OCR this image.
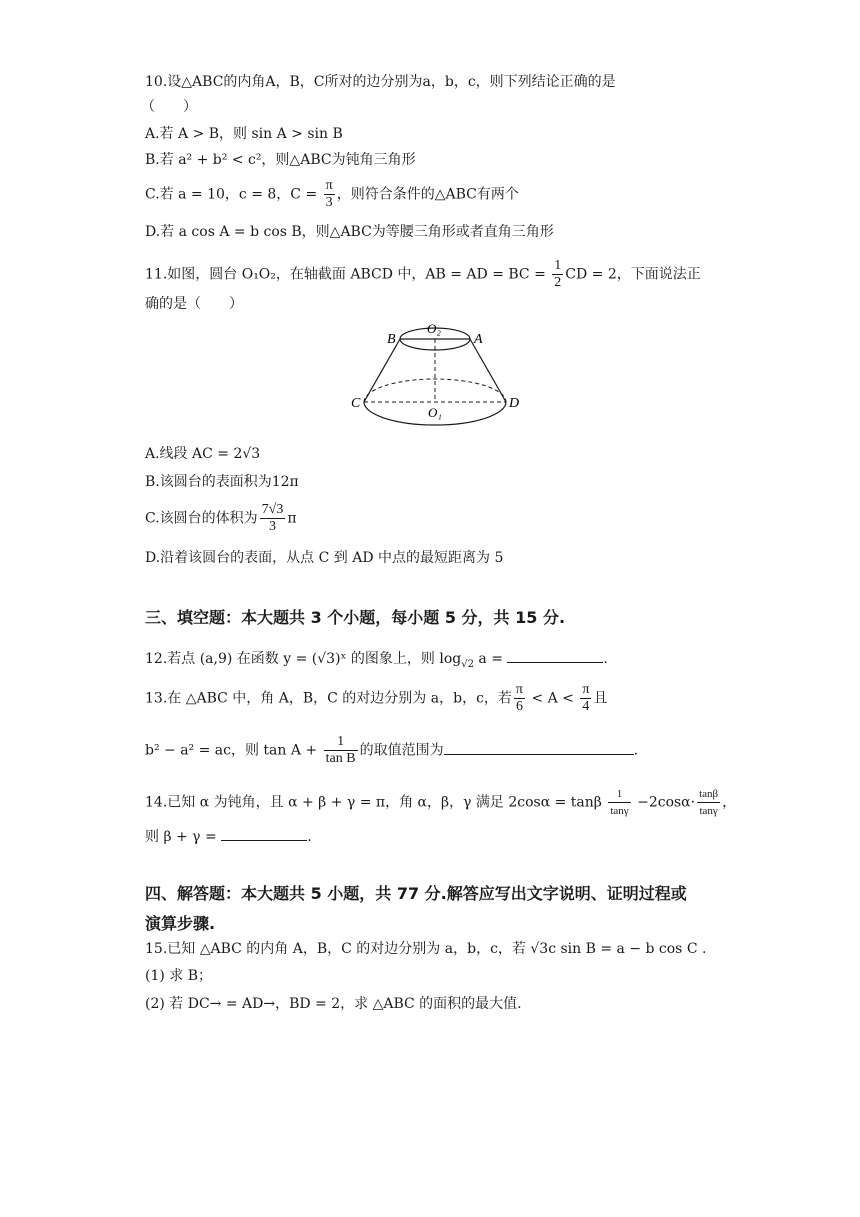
10.设△ABC的内角A，B，C所对的边分别为a，b，c，则下列结论正确的是
（　　）
A.若 A > B，则 sin A > sin B
B.若 a² + b² < c²，则△ABC为钝角三角形
C.若 a = 10，c = 8，$C = \frac{\pi}{3}$ ，则符合条件的△ABC有两个
D.若 a cos A = b cos B，则△ABC为等腰三角形或者直角三角形
11.如图，圆台 O₁O₂，在轴截面 ABCD 中，AB = AD = BC = $\frac{1}{2}$ CD = 2，下面说法正
确的是（　　）
B
O₂
A
C
O₁
D
A.线段 AC = 2√3
B.该圆台的表面积为12π
C.该圆台的体积为 $\frac{7√3}{3}$ π
D.沿着该圆台的表面，从点 C 到 AD 中点的最短距离为 5
三、填空题：本大题共 3 个小题，每小题 5 分，共 15 分.
12.若点 (a,9) 在函数 y = (√3)ˣ 的图象上，则 $\log_{√2} a$ =	.
13.在 △ABC 中，角 A，B，C 的对边分别为 a，b，c，若 $\frac{\pi}{6} < A < \frac{\pi}{4}$ 且
b² − a² = ac，则 $\tan A + \frac{1}{\text{tan B}}$ 的取值范围为	.
14.已知 α 为钝角，且 α + β + γ = π，角 α，β，γ 满足 2cosα = tanβ $\frac{1}{\tan\gamma} -2\cos\alpha\cdot \frac{\tan\beta}{\tan\gamma}$ ，
则 β + γ =	.
四、解答题：本大题共 5 小题，共 77 分.解答应写出文字说明、证明过程或
演算步骤.
15.已知 △ABC 的内角 A，B，C 的对边分别为 a，b，c，若 √3c sin B = a − b cos C .
(1) 求 B；
(2) 若 DC→ = AD→，BD = 2，求 △ABC 的面积的最大值.
